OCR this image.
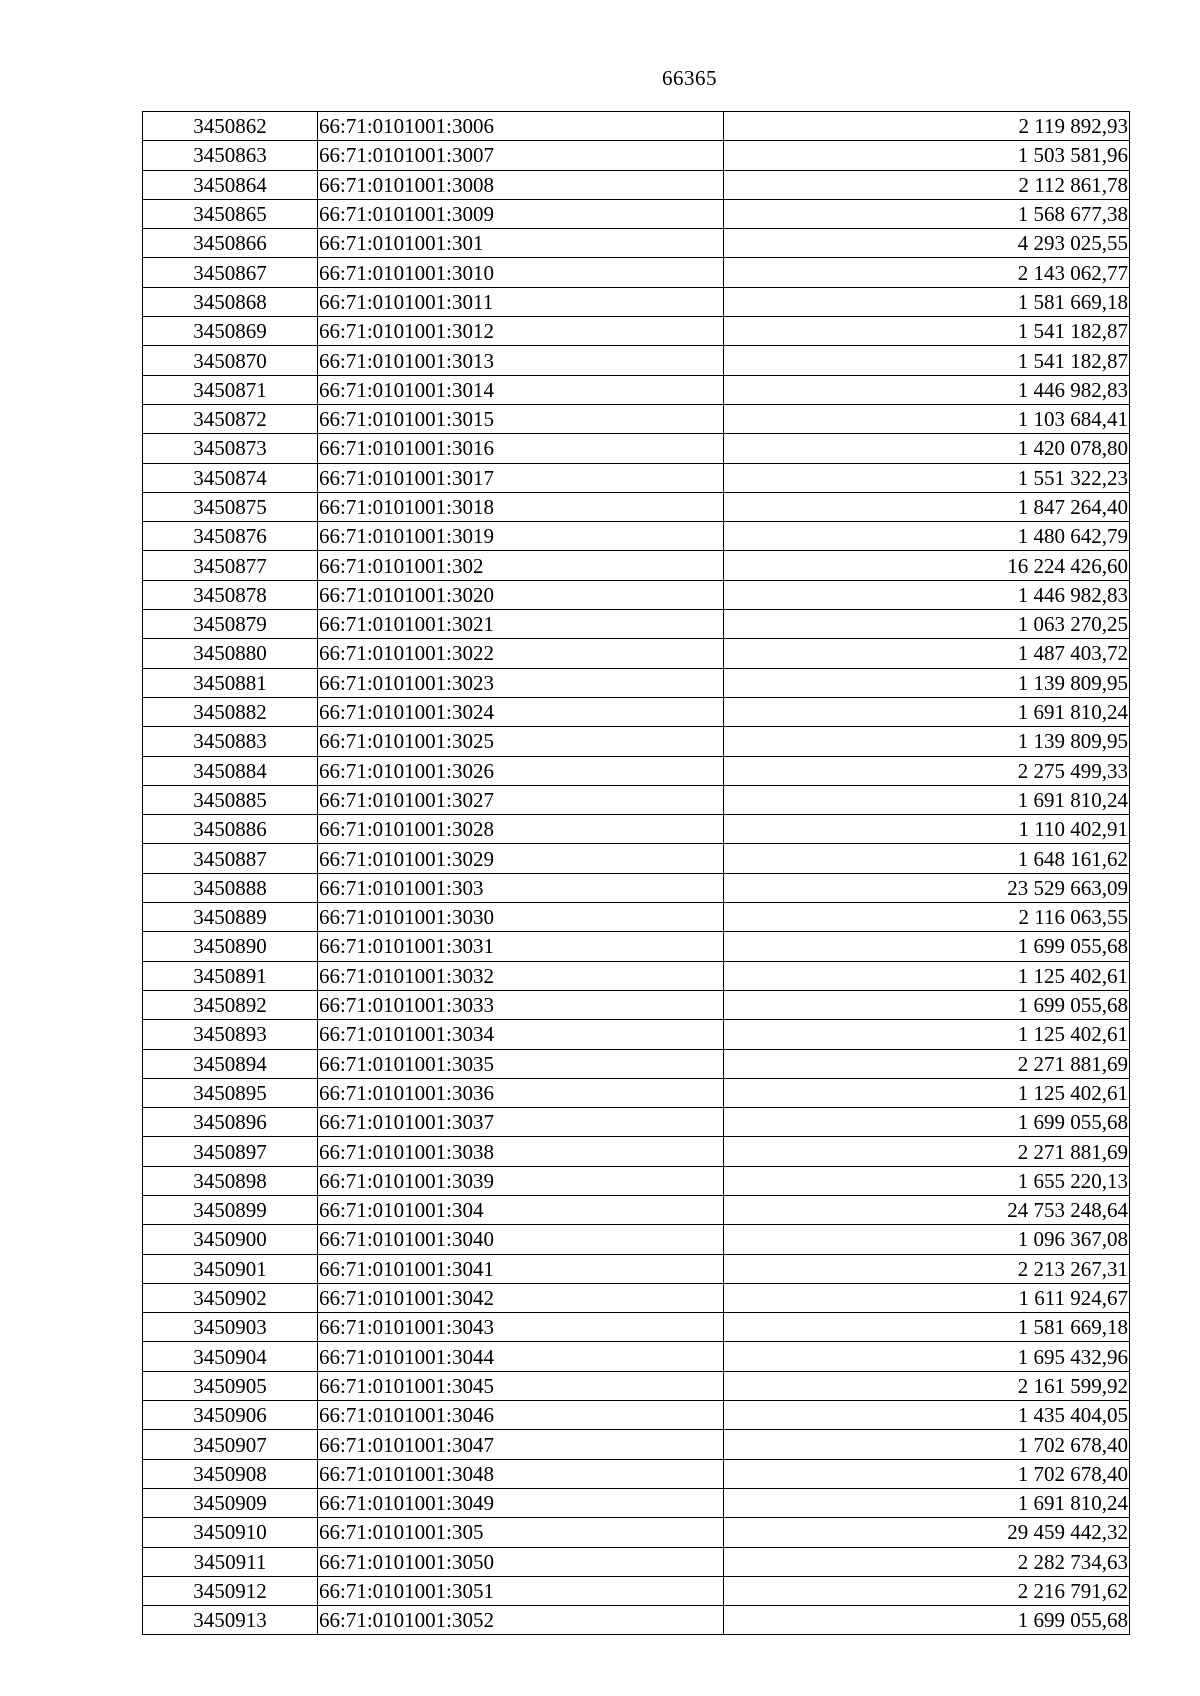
66365
3450862	66:71:0101001:3006	2 119 892,93
3450863	66:71:0101001:3007	1 503 581,96
3450864	66:71:0101001:3008	2 112 861,78
3450865	66:71:0101001:3009	1 568 677,38
3450866	66:71:0101001:301	4 293 025,55
3450867	66:71:0101001:3010	2 143 062,77
3450868	66:71:0101001:3011	1 581 669,18
3450869	66:71:0101001:3012	1 541 182,87
3450870	66:71:0101001:3013	1 541 182,87
3450871	66:71:0101001:3014	1 446 982,83
3450872	66:71:0101001:3015	1 103 684,41
3450873	66:71:0101001:3016	1 420 078,80
3450874	66:71:0101001:3017	1 551 322,23
3450875	66:71:0101001:3018	1 847 264,40
3450876	66:71:0101001:3019	1 480 642,79
3450877	66:71:0101001:302	16 224 426,60
3450878	66:71:0101001:3020	1 446 982,83
3450879	66:71:0101001:3021	1 063 270,25
3450880	66:71:0101001:3022	1 487 403,72
3450881	66:71:0101001:3023	1 139 809,95
3450882	66:71:0101001:3024	1 691 810,24
3450883	66:71:0101001:3025	1 139 809,95
3450884	66:71:0101001:3026	2 275 499,33
3450885	66:71:0101001:3027	1 691 810,24
3450886	66:71:0101001:3028	1 110 402,91
3450887	66:71:0101001:3029	1 648 161,62
3450888	66:71:0101001:303	23 529 663,09
3450889	66:71:0101001:3030	2 116 063,55
3450890	66:71:0101001:3031	1 699 055,68
3450891	66:71:0101001:3032	1 125 402,61
3450892	66:71:0101001:3033	1 699 055,68
3450893	66:71:0101001:3034	1 125 402,61
3450894	66:71:0101001:3035	2 271 881,69
3450895	66:71:0101001:3036	1 125 402,61
3450896	66:71:0101001:3037	1 699 055,68
3450897	66:71:0101001:3038	2 271 881,69
3450898	66:71:0101001:3039	1 655 220,13
3450899	66:71:0101001:304	24 753 248,64
3450900	66:71:0101001:3040	1 096 367,08
3450901	66:71:0101001:3041	2 213 267,31
3450902	66:71:0101001:3042	1 611 924,67
3450903	66:71:0101001:3043	1 581 669,18
3450904	66:71:0101001:3044	1 695 432,96
3450905	66:71:0101001:3045	2 161 599,92
3450906	66:71:0101001:3046	1 435 404,05
3450907	66:71:0101001:3047	1 702 678,40
3450908	66:71:0101001:3048	1 702 678,40
3450909	66:71:0101001:3049	1 691 810,24
3450910	66:71:0101001:305	29 459 442,32
3450911	66:71:0101001:3050	2 282 734,63
3450912	66:71:0101001:3051	2 216 791,62
3450913	66:71:0101001:3052	1 699 055,68
